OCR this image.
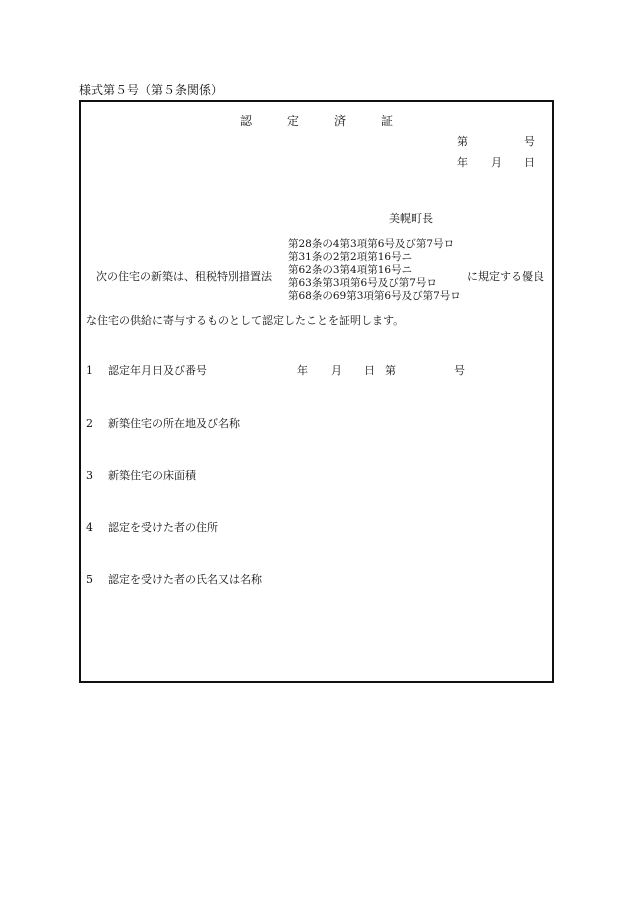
様式第５号（第５条関係）
認	定	済	証
第	号
年 月 日
美幌町長
次の住宅の新築は、租税特別措置法
第28条の4第3項第6号及び第7号ロ
第31条の2第2項第16号ニ
第62条の3第4項第16号ニ
第63条第3項第6号及び第7号ロ
第68条の69第3項第6号及び第7号ロ
に規定する優良
な住宅の供給に寄与するものとして認定したことを証明します。
1 認定年月日及び番号	年 月 日 第	号
2 新築住宅の所在地及び名称
3 新築住宅の床面積
4 認定を受けた者の住所
5 認定を受けた者の氏名又は名称
